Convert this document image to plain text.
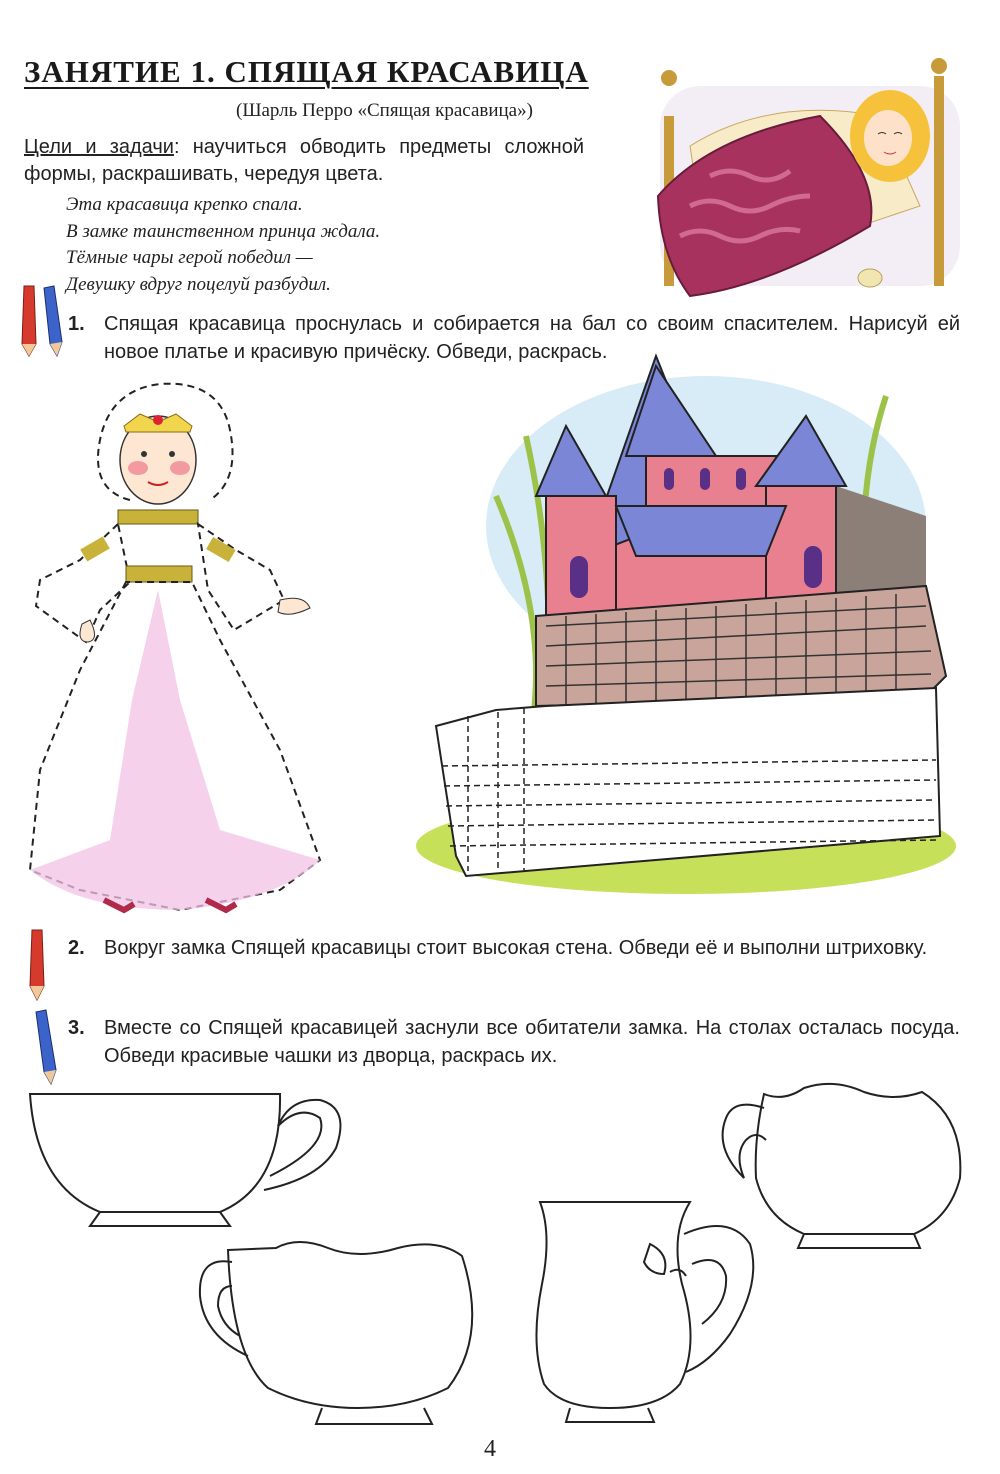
ЗАНЯТИЕ 1. СПЯЩАЯ КРАСАВИЦА
(Шарль Перро «Спящая красавица»)
Цели и задачи: научиться обводить предметы сложной формы, раскрашивать, чередуя цвета.
Эта красавица крепко спала.
В замке таинственном принца ждала.
Тёмные чары герой победил —
Девушку вдруг поцелуй разбудил.
1. Спящая красавица проснулась и собирается на бал со своим спасителем. Нарисуй ей новое платье и красивую причёску. Обведи, раскрась.
2. Вокруг замка Спящей красавицы стоит высокая стена. Обведи её и выполни штриховку.
3. Вместе со Спящей красавицей заснули все обитатели замка. На столах осталась посуда. Обведи красивые чашки из дворца, раскрась их.
4
